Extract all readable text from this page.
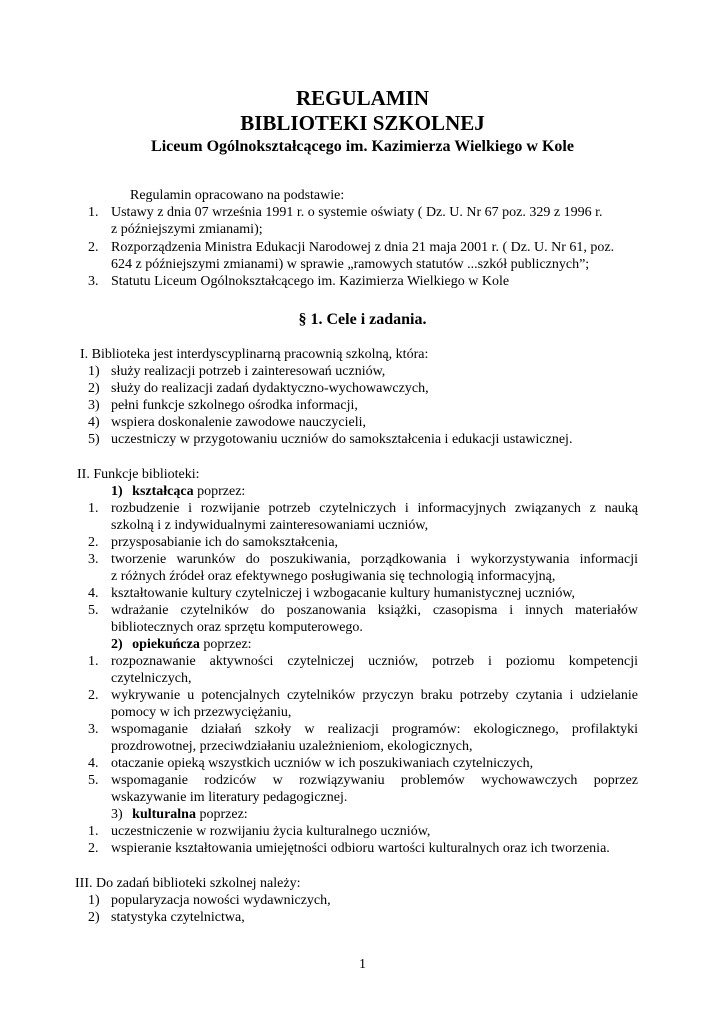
REGULAMIN
BIBLIOTEKI SZKOLNEJ
Liceum Ogólnokształcącego im. Kazimierza Wielkiego w Kole
Regulamin opracowano na podstawie:
1. Ustawy z dnia 07 września 1991 r. o systemie oświaty ( Dz. U. Nr 67 poz. 329 z 1996 r.
z późniejszymi zmianami);
2. Rozporządzenia Ministra Edukacji Narodowej z dnia 21 maja 2001 r. ( Dz. U. Nr 61, poz.
624 z późniejszymi zmianami) w sprawie „ramowych statutów ...szkół publicznych”;
3. Statutu Liceum Ogólnokształcącego im. Kazimierza Wielkiego w Kole
§ 1. Cele i zadania.
I. Biblioteka jest interdyscyplinarną pracownią szkolną, która:
1) służy realizacji potrzeb i zainteresowań uczniów,
2) służy do realizacji zadań dydaktyczno-wychowawczych,
3) pełni funkcje szkolnego ośrodka informacji,
4) wspiera doskonalenie zawodowe nauczycieli,
5) uczestniczy w przygotowaniu uczniów do samokształcenia i edukacji ustawicznej.
II. Funkcje biblioteki:
1) kształcąca poprzez:
1. rozbudzenie i rozwijanie potrzeb czytelniczych i informacyjnych związanych z nauką
szkolną i z indywidualnymi zainteresowaniami uczniów,
2. przysposabianie ich do samokształcenia,
3. tworzenie warunków do poszukiwania, porządkowania i wykorzystywania informacji
z różnych źródeł oraz efektywnego posługiwania się technologią informacyjną,
4. kształtowanie kultury czytelniczej i wzbogacanie kultury humanistycznej uczniów,
5. wdrażanie czytelników do poszanowania książki, czasopisma i innych materiałów
bibliotecznych oraz sprzętu komputerowego.
2) opiekuńcza poprzez:
1. rozpoznawanie aktywności czytelniczej uczniów, potrzeb i poziomu kompetencji
czytelniczych,
2. wykrywanie u potencjalnych czytelników przyczyn braku potrzeby czytania i udzielanie
pomocy w ich przezwyciężaniu,
3. wspomaganie działań szkoły w realizacji programów: ekologicznego, profilaktyki
prozdrowotnej, przeciwdziałaniu uzależnieniom, ekologicznych,
4. otaczanie opieką wszystkich uczniów w ich poszukiwaniach czytelniczych,
5. wspomaganie rodziców w rozwiązywaniu problemów wychowawczych poprzez
wskazywanie im literatury pedagogicznej.
3) kulturalna poprzez:
1. uczestniczenie w rozwijaniu życia kulturalnego uczniów,
2. wspieranie kształtowania umiejętności odbioru wartości kulturalnych oraz ich tworzenia.
III. Do zadań biblioteki szkolnej należy:
1) popularyzacja nowości wydawniczych,
2) statystyka czytelnictwa,
1
